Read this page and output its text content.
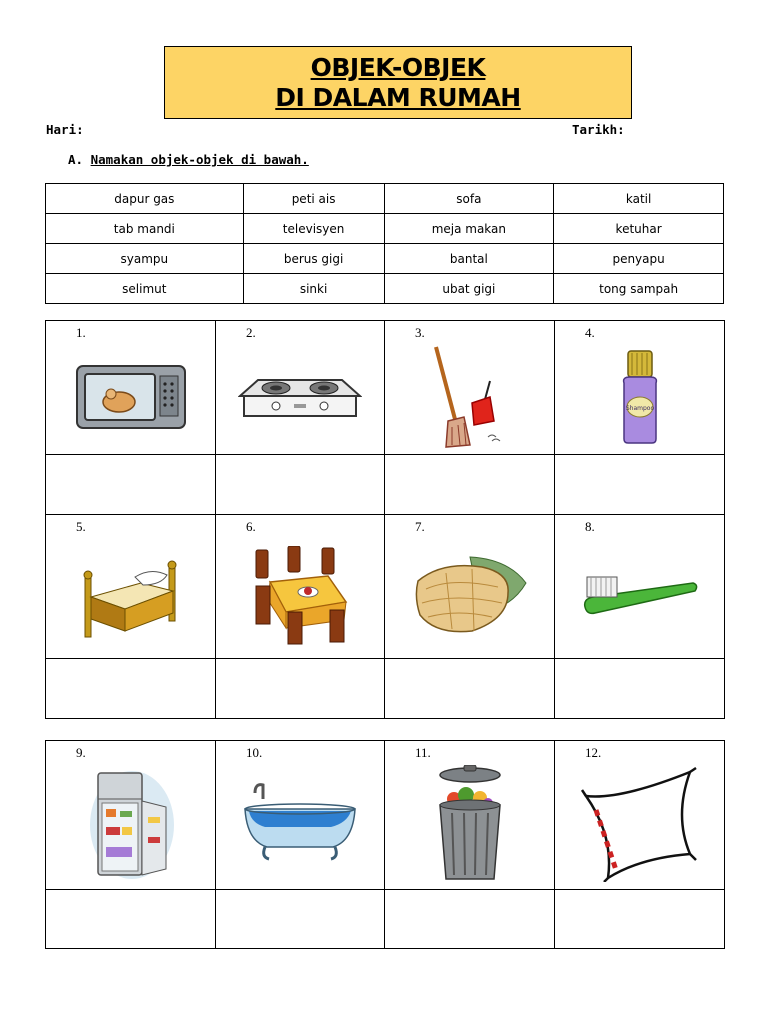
OBJEK-OBJEK
DI DALAM RUMAH
Hari:	Tarikh:
A. Namakan objek-objek di bawah.
dapur gas	peti ais	sofa	katil
tab mandi	televisyen	meja makan	ketuhar
syampu	berus gigi	bantal	penyapu
selimut	sinki	ubat gigi	tong sampah
1.	2.	3.	4.
Shampoo

5.	6.	7.	8.

9.	10.	11.	12.
